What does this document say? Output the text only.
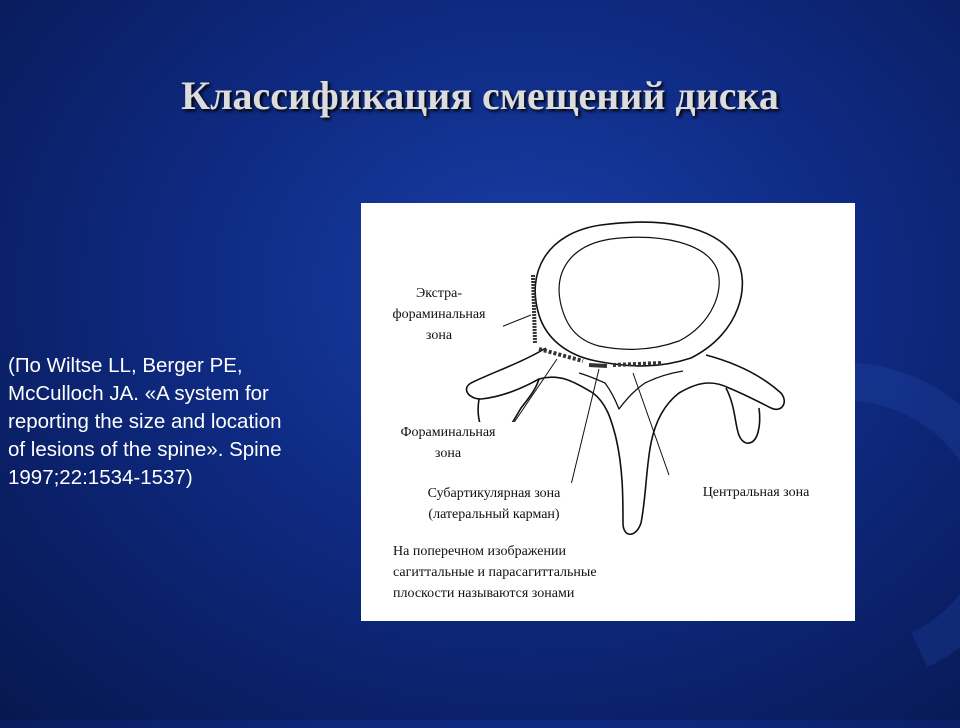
Классификация смещений диска
(По Wiltse LL, Berger PE, McCulloch JA. «A system for reporting the size and location of lesions of the spine». Spine 1997;22:1534-1537)
Экстра-
фораминальная
зона
Фораминальная
зона
Субартикулярная зона
(латеральный карман)
Центральная зона
На поперечном изображении
сагиттальные и парасагиттальные
плоскости называются зонами
